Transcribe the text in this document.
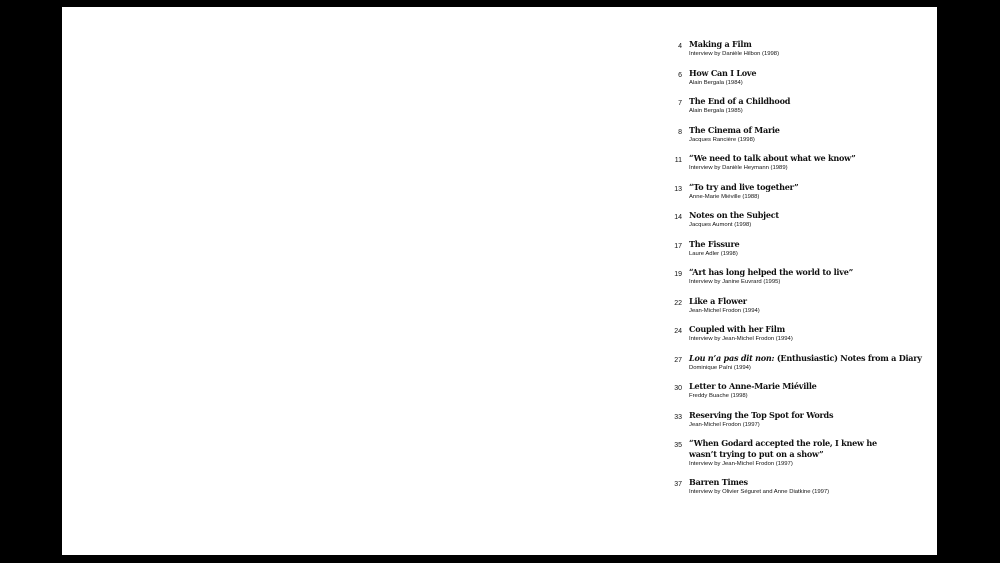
4 Making a Film
Interview by Danièle Hilbon (1998)
6 How Can I Love
Alain Bergala (1984)
7 The End of a Childhood
Alain Bergala (1985)
8 The Cinema of Marie
Jacques Rancière (1998)
11 “We need to talk about what we know”
Interview by Danièle Heymann (1989)
13 “To try and live together”
Anne-Marie Miéville (1988)
14 Notes on the Subject
Jacques Aumont (1998)
17 The Fissure
Laure Adler (1998)
19 “Art has long helped the world to live”
Interview by Janine Euvrard (1995)
22 Like a Flower
Jean-Michel Frodon (1994)
24 Coupled with her Film
Interview by Jean-Michel Frodon (1994)
27 Lou n’a pas dit non: (Enthusiastic) Notes from a Diary
Dominique Païni (1994)
30 Letter to Anne-Marie Miéville
Freddy Buache (1998)
33 Reserving the Top Spot for Words
Jean-Michel Frodon (1997)
35 “When Godard accepted the role, I knew he wasn’t trying to put on a show”
Interview by Jean-Michel Frodon (1997)
37 Barren Times
Interview by Olivier Séguret and Anne Diatkine (1997)
